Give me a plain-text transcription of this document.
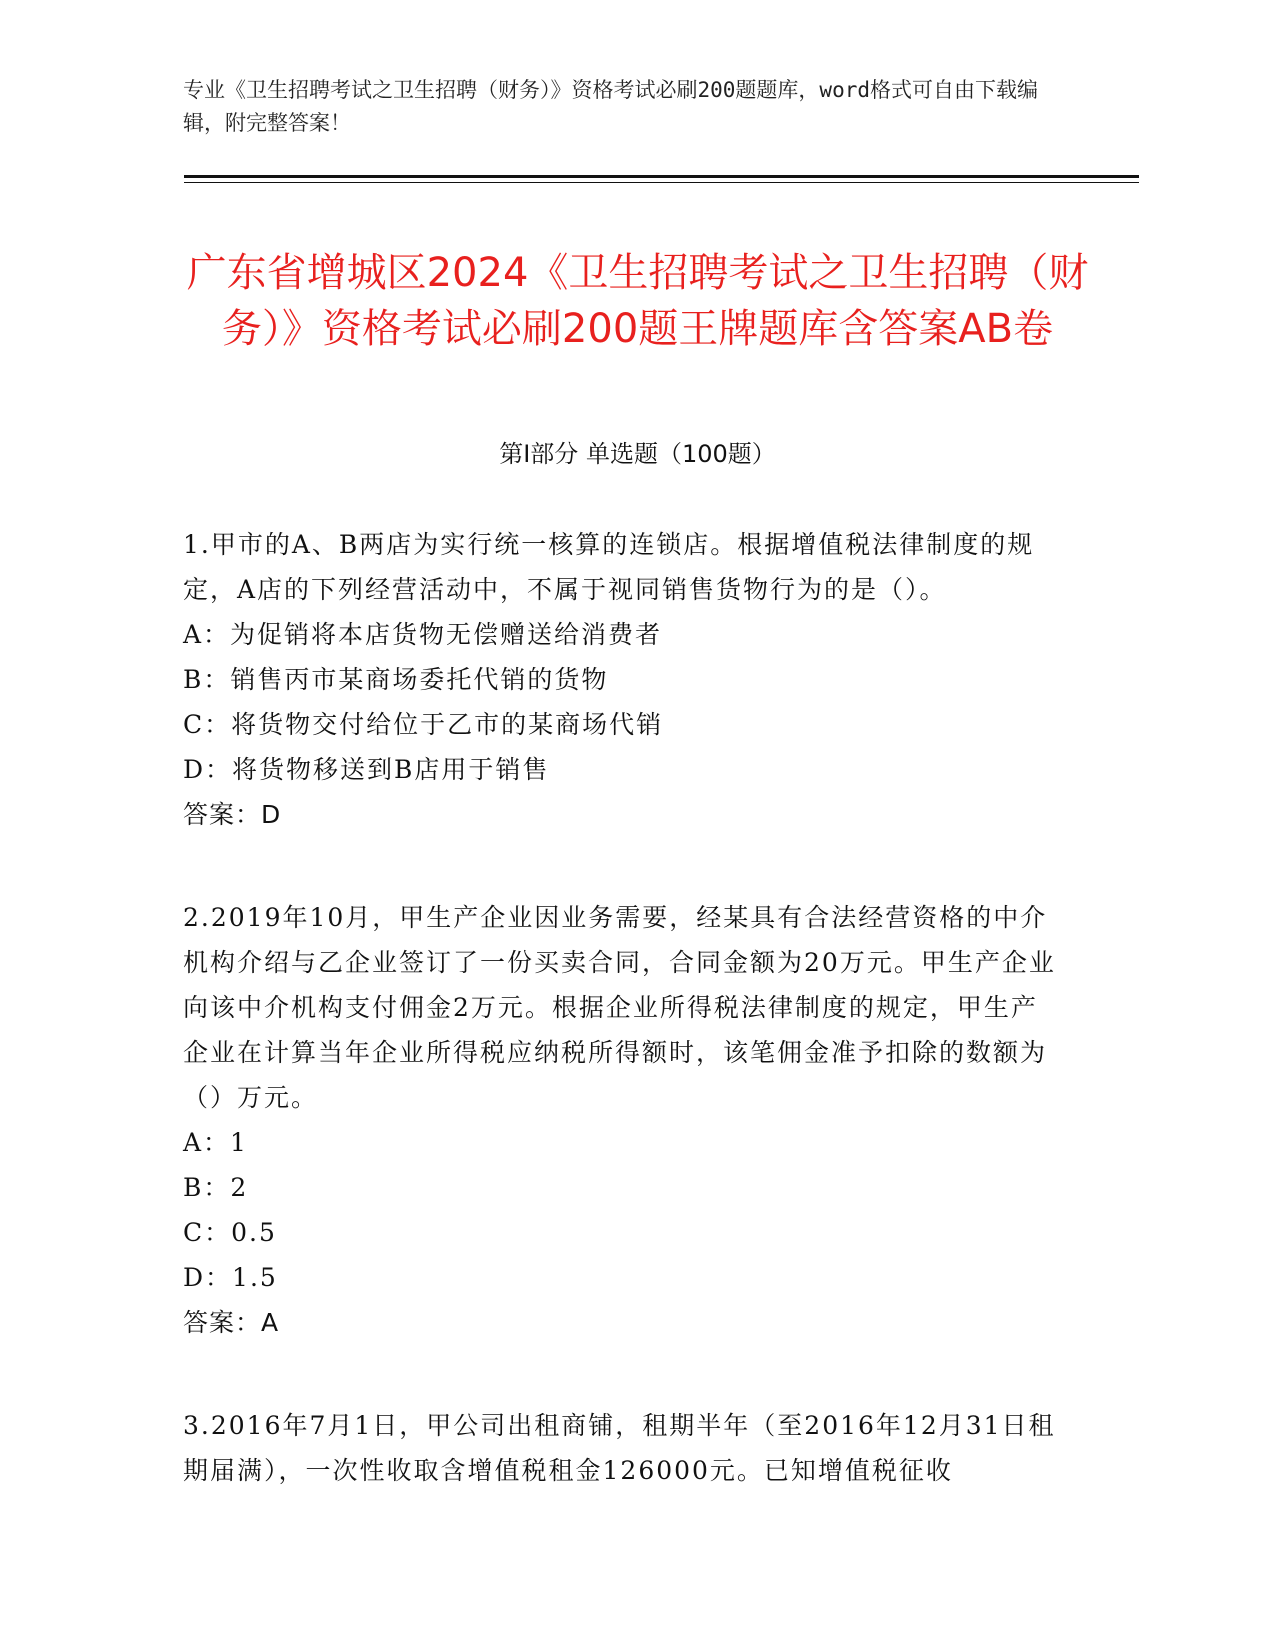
专业《卫生招聘考试之卫生招聘（财务）》资格考试必刷200题题库，word格式可自由下载编辑，附完整答案！
广东省增城区2024《卫生招聘考试之卫生招聘（财务）》资格考试必刷200题王牌题库含答案AB卷
第Ⅰ部分 单选题（100题）
1.甲市的A、B两店为实行统一核算的连锁店。根据增值税法律制度的规定，A店的下列经营活动中，不属于视同销售货物行为的是（）。
A：为促销将本店货物无偿赠送给消费者
B：销售丙市某商场委托代销的货物
C：将货物交付给位于乙市的某商场代销
D：将货物移送到B店用于销售
答案：D
2.2019年10月，甲生产企业因业务需要，经某具有合法经营资格的中介机构介绍与乙企业签订了一份买卖合同，合同金额为20万元。甲生产企业向该中介机构支付佣金2万元。根据企业所得税法律制度的规定，甲生产企业在计算当年企业所得税应纳税所得额时，该笔佣金准予扣除的数额为（）万元。
A：1
B：2
C：0.5
D：1.5
答案：A
3.2016年7月1日，甲公司出租商铺，租期半年（至2016年12月31日租期届满），一次性收取含增值税租金126000元。已知增值税征收
